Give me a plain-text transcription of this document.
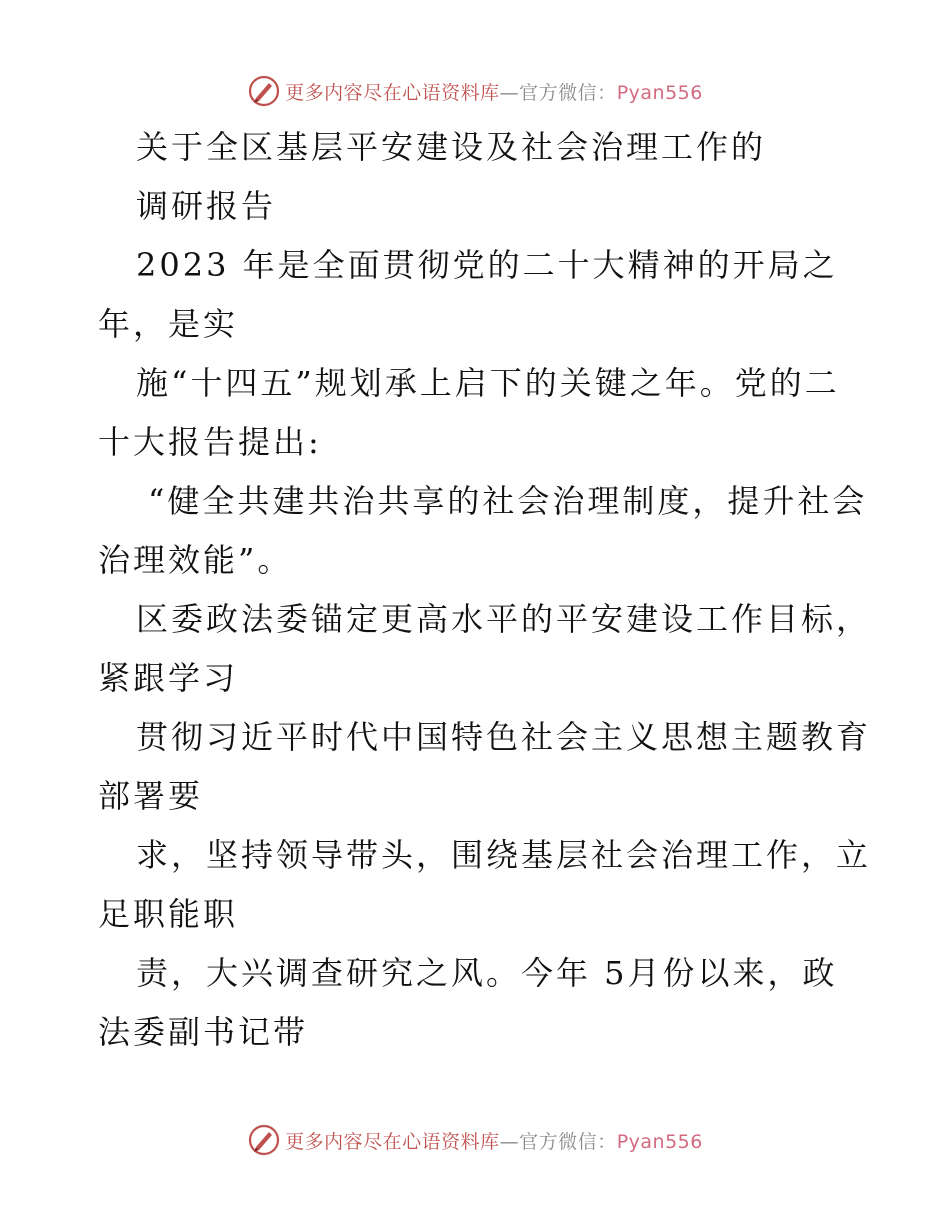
更多内容尽在心语资料库—官方微信：Pyan556
关于全区基层平安建设及社会治理工作的
调研报告
2023 年是全面贯彻党的二十大精神的开局之
年，是实
施“十四五”规划承上启下的关键之年。党的二
十大报告提出:
“健全共建共治共享的社会治理制度，提升社会
治理效能”。
区委政法委锚定更高水平的平安建设工作目标，
紧跟学习
贯彻习近平时代中国特色社会主义思想主题教育
部署要
求，坚持领导带头，围绕基层社会治理工作，立
足职能职
责，大兴调查研究之风。今年 5月份以来，政
法委副书记带
更多内容尽在心语资料库—官方微信：Pyan556
